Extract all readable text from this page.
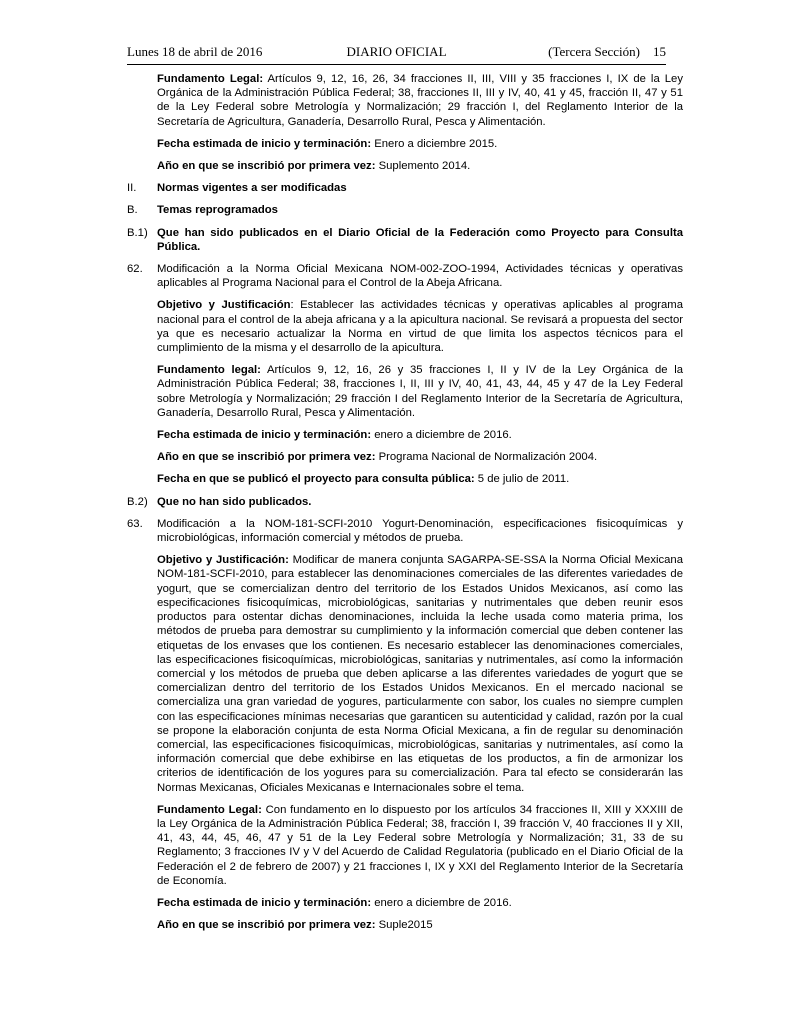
Lunes 18 de abril de 2016	DIARIO OFICIAL	(Tercera Sección) 15

Fundamento Legal: Artículos 9, 12, 16, 26, 34 fracciones II, III, VIII y 35 fracciones I, IX de la Ley Orgánica de la Administración Pública Federal; 38, fracciones II, III y IV, 40, 41 y 45, fracción II, 47 y 51 de la Ley Federal sobre Metrología y Normalización; 29 fracción I, del Reglamento Interior de la Secretaría de Agricultura, Ganadería, Desarrollo Rural, Pesca y Alimentación.

Fecha estimada de inicio y terminación: Enero a diciembre 2015.

Año en que se inscribió por primera vez: Suplemento 2014.

II.	Normas vigentes a ser modificadas
B.	Temas reprogramados
B.1) Que han sido publicados en el Diario Oficial de la Federación como Proyecto para Consulta Pública.
62.	Modificación a la Norma Oficial Mexicana NOM-002-ZOO-1994, Actividades técnicas y operativas aplicables al Programa Nacional para el Control de la Abeja Africana.

Objetivo y Justificación: Establecer las actividades técnicas y operativas aplicables al programa nacional para el control de la abeja africana y a la apicultura nacional. Se revisará a propuesta del sector ya que es necesario actualizar la Norma en virtud de que limita los aspectos técnicos para el cumplimiento de la misma y el desarrollo de la apicultura.

Fundamento legal: Artículos 9, 12, 16, 26 y 35 fracciones I, II y IV de la Ley Orgánica de la Administración Pública Federal; 38, fracciones I, II, III y IV, 40, 41, 43, 44, 45 y 47 de la Ley Federal sobre Metrología y Normalización; 29 fracción I del Reglamento Interior de la Secretaría de Agricultura, Ganadería, Desarrollo Rural, Pesca y Alimentación.

Fecha estimada de inicio y terminación: enero a diciembre de 2016.

Año en que se inscribió por primera vez: Programa Nacional de Normalización 2004.

Fecha en que se publicó el proyecto para consulta pública: 5 de julio de 2011.

B.2) Que no han sido publicados.
63.	Modificación a la NOM-181-SCFI-2010 Yogurt-Denominación, especificaciones fisicoquímicas y microbiológicas, información comercial y métodos de prueba.

Objetivo y Justificación: Modificar de manera conjunta SAGARPA-SE-SSA la Norma Oficial Mexicana NOM-181-SCFI-2010, para establecer las denominaciones comerciales de las diferentes variedades de yogurt, que se comercializan dentro del territorio de los Estados Unidos Mexicanos, así como las especificaciones fisicoquímicas, microbiológicas, sanitarias y nutrimentales que deben reunir esos productos para ostentar dichas denominaciones, incluida la leche usada como materia prima, los métodos de prueba para demostrar su cumplimiento y la información comercial que deben contener las etiquetas de los envases que los contienen. Es necesario establecer las denominaciones comerciales, las especificaciones fisicoquímicas, microbiológicas, sanitarias y nutrimentales, así como la información comercial y los métodos de prueba que deben aplicarse a las diferentes variedades de yogurt que se comercializan dentro del territorio de los Estados Unidos Mexicanos. En el mercado nacional se comercializa una gran variedad de yogures, particularmente con sabor, los cuales no siempre cumplen con las especificaciones mínimas necesarias que garanticen su autenticidad y calidad, razón por la cual se propone la elaboración conjunta de esta Norma Oficial Mexicana, a fin de regular su denominación comercial, las especificaciones fisicoquímicas, microbiológicas, sanitarias y nutrimentales, así como la información comercial que debe exhibirse en las etiquetas de los productos, a fin de armonizar los criterios de identificación de los yogures para su comercialización. Para tal efecto se considerarán las Normas Mexicanas, Oficiales Mexicanas e Internacionales sobre el tema.

Fundamento Legal: Con fundamento en lo dispuesto por los artículos 34 fracciones II, XIII y XXXIII de la Ley Orgánica de la Administración Pública Federal; 38, fracción I, 39 fracción V, 40 fracciones II y XII, 41, 43, 44, 45, 46, 47 y 51 de la Ley Federal sobre Metrología y Normalización; 31, 33 de su Reglamento; 3 fracciones IV y V del Acuerdo de Calidad Regulatoria (publicado en el Diario Oficial de la Federación el 2 de febrero de 2007) y 21 fracciones I, IX y XXI del Reglamento Interior de la Secretaría de Economía.

Fecha estimada de inicio y terminación: enero a diciembre de 2016.

Año en que se inscribió por primera vez: Suple2015
